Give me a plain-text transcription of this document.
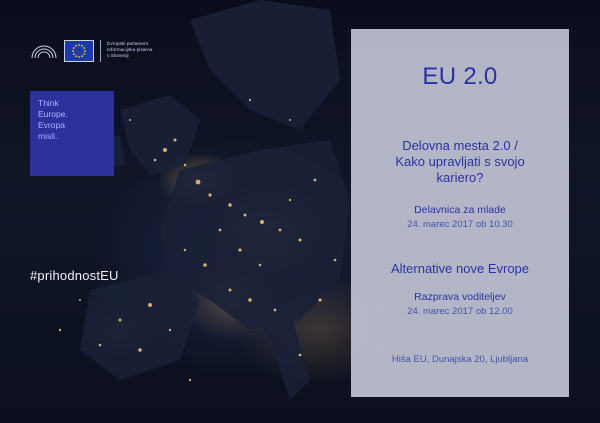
Evropski parlament
Informacijska pisarna
v Sloveniji
Think
Europe.
Evropa
misli.
#prihodnostEU
EU 2.0
Delovna mesta 2.0 /
Kako upravljati s svojo
kariero?
Delavnica za mlade
24. marec 2017 ob 10.30
Alternative nove Evrope
Razprava voditeljev
24. marec 2017 ob 12.00
Hiša EU, Dunajska 20, Ljubljana
